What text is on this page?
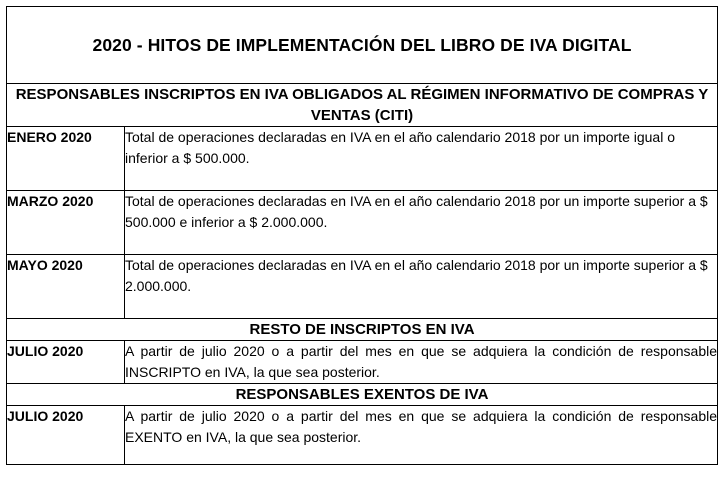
2020 - HITOS DE IMPLEMENTACIÓN DEL LIBRO DE IVA DIGITAL	
RESPONSABLES INSCRIPTOS EN IVA OBLIGADOS AL RÉGIMEN INFORMATIVO DE COMPRAS Y VENTAS (CITI)	
ENERO 2020	Total de operaciones declaradas en IVA en el año calendario 2018 por un importe igual o inferior a $ 500.000.
MARZO 2020	Total de operaciones declaradas en IVA en el año calendario 2018 por un importe superior a $ 500.000 e inferior a $ 2.000.000.
MAYO 2020	Total de operaciones declaradas en IVA en el año calendario 2018 por un importe superior a $ 2.000.000.
RESTO DE INSCRIPTOS EN IVA	
JULIO 2020	A partir de julio 2020 o a partir del mes en que se adquiera la condición de responsable INSCRIPTO en IVA, la que sea posterior.
RESPONSABLES EXENTOS DE IVA	
JULIO 2020	A partir de julio 2020 o a partir del mes en que se adquiera la condición de responsable EXENTO en IVA, la que sea posterior.
